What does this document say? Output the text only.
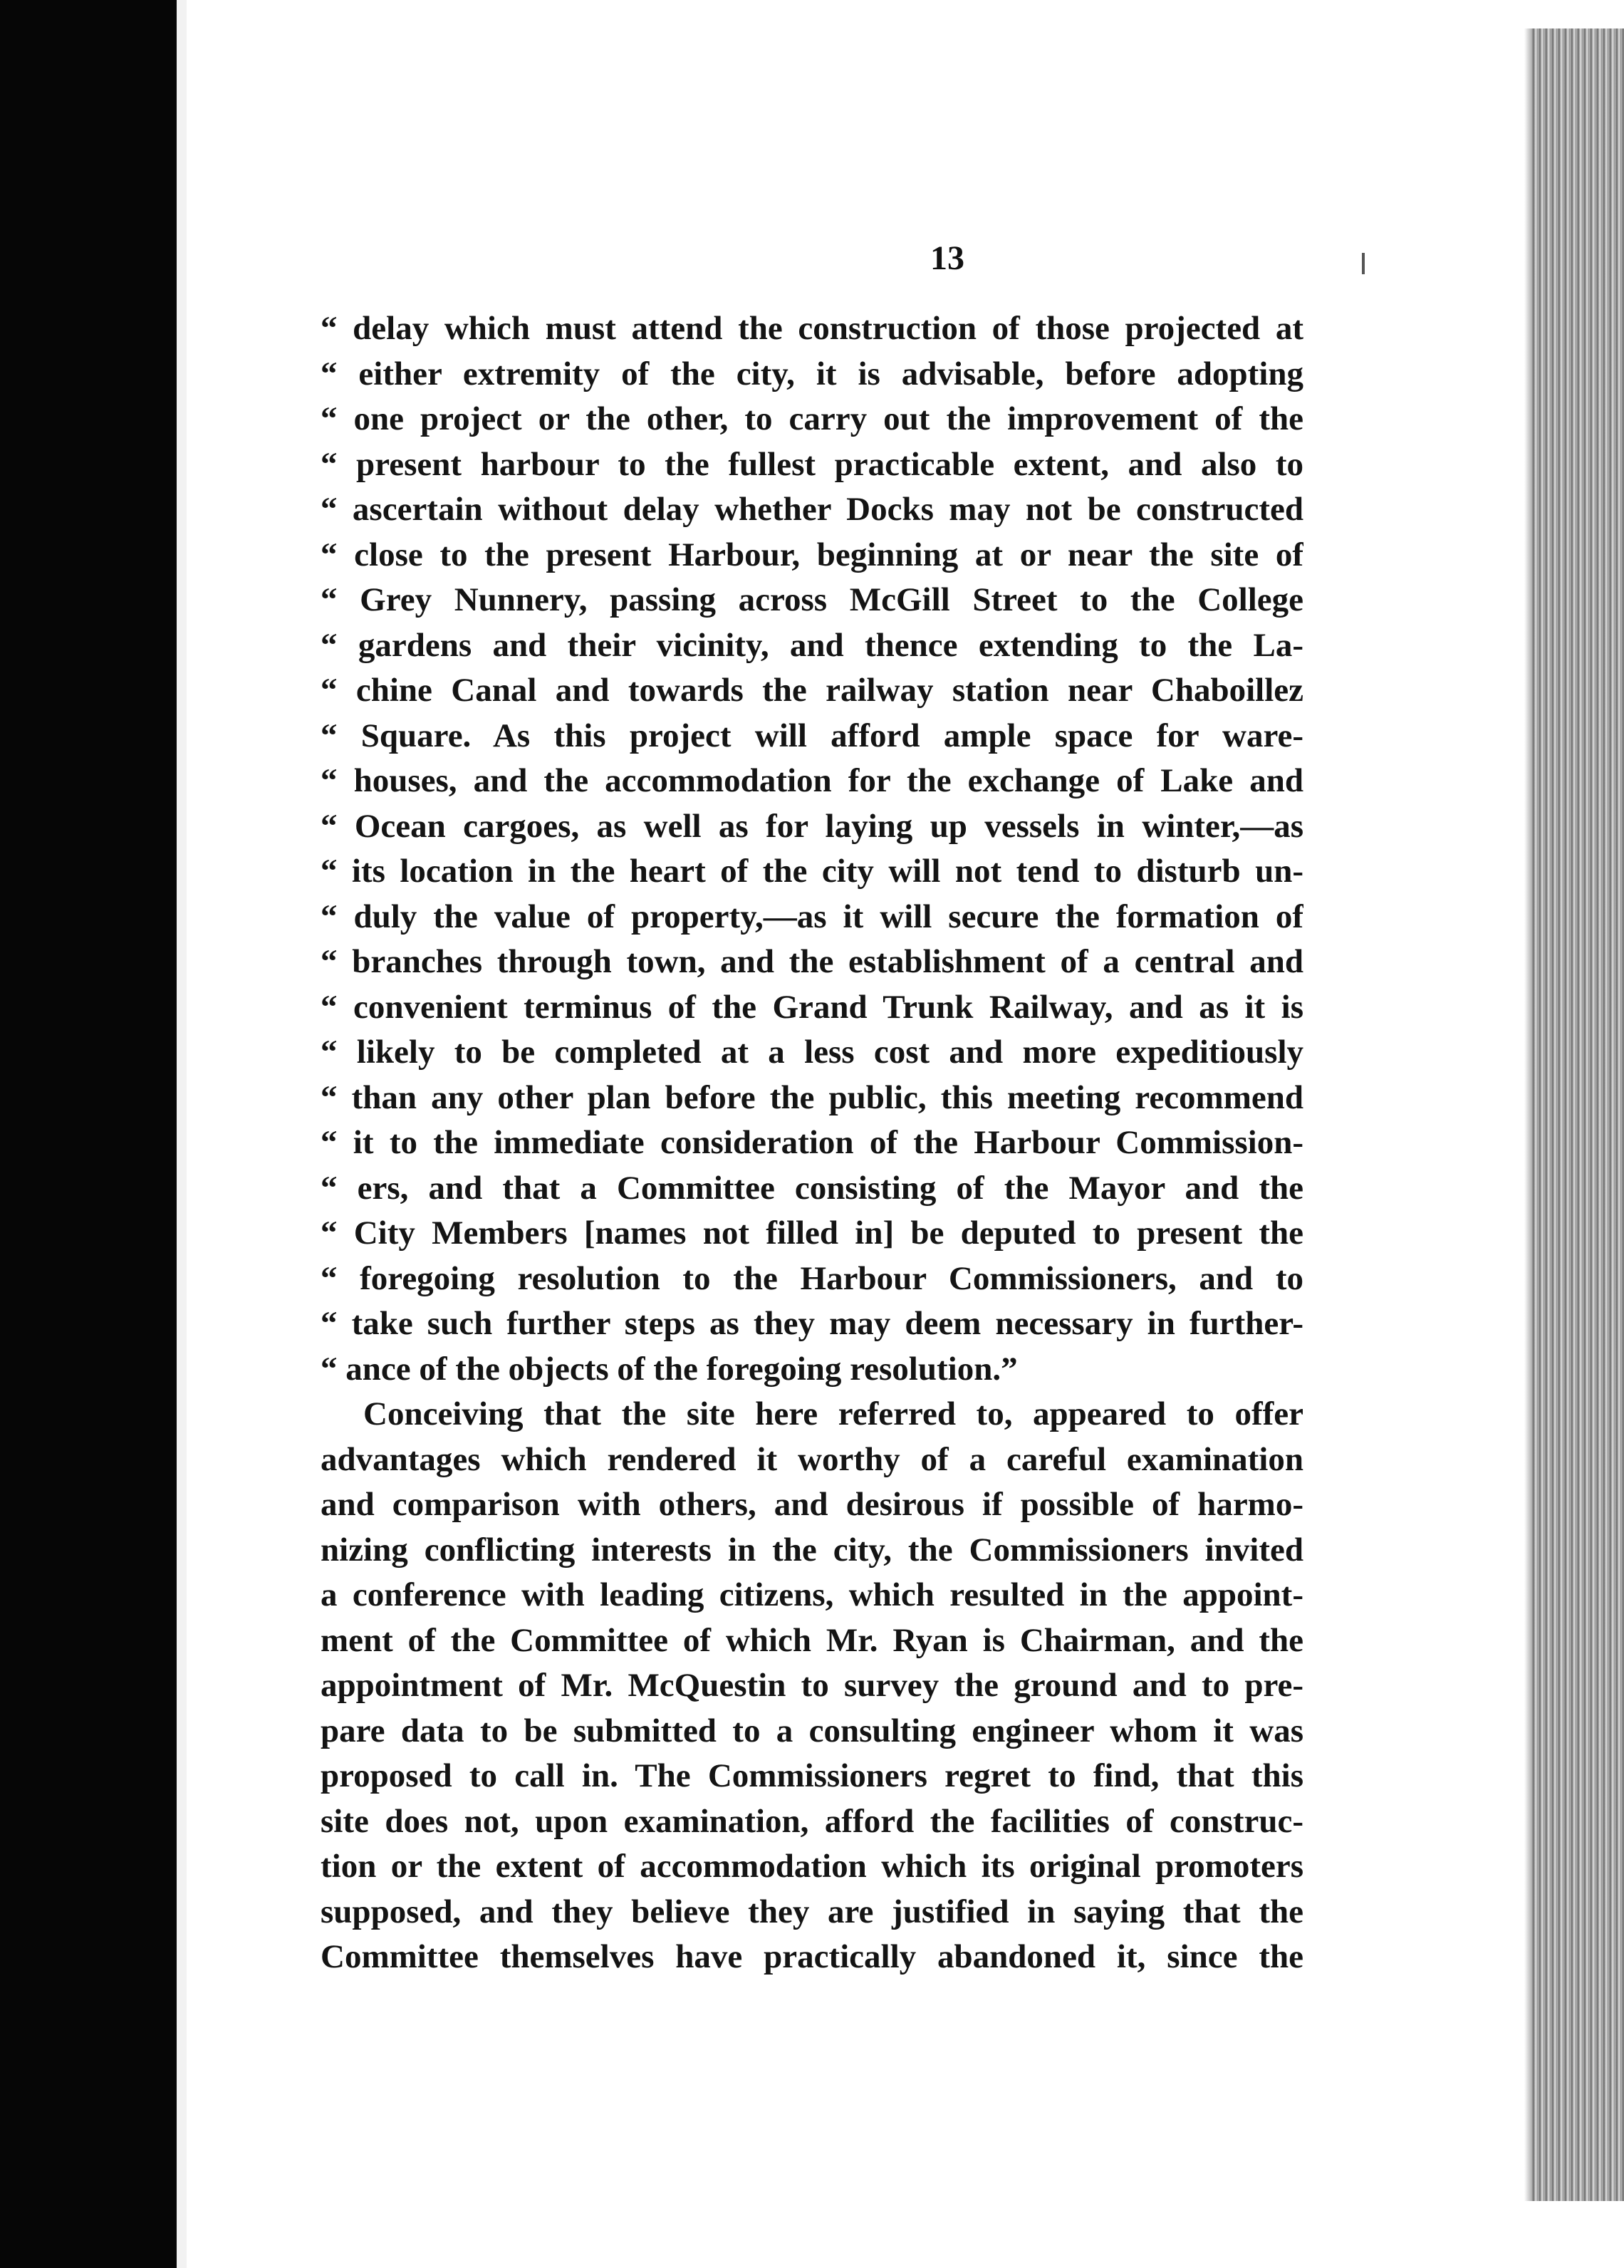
13
“ delay which must attend the construction of those projected at
“ either extremity of the city, it is advisable, before adopting
“ one project or the other, to carry out the improvement of the
“ present harbour to the fullest practicable extent, and also to
“ ascertain without delay whether Docks may not be constructed
“ close to the present Harbour, beginning at or near the site of
“ Grey Nunnery, passing across McGill Street to the College
“ gardens and their vicinity, and thence extending to the La-
“ chine Canal and towards the railway station near Chaboillez
“ Square. As this project will afford ample space for ware-
“ houses, and the accommodation for the exchange of Lake and
“ Ocean cargoes, as well as for laying up vessels in winter,—as
“ its location in the heart of the city will not tend to disturb un-
“ duly the value of property,—as it will secure the formation of
“ branches through town, and the establishment of a central and
“ convenient terminus of the Grand Trunk Railway, and as it is
“ likely to be completed at a less cost and more expeditiously
“ than any other plan before the public, this meeting recommend
“ it to the immediate consideration of the Harbour Commission-
“ ers, and that a Committee consisting of the Mayor and the
“ City Members [names not filled in] be deputed to present the
“ foregoing resolution to the Harbour Commissioners, and to
“ take such further steps as they may deem necessary in further-
“ ance of the objects of the foregoing resolution.”
Conceiving that the site here referred to, appeared to offer
advantages which rendered it worthy of a careful examination
and comparison with others, and desirous if possible of harmo-
nizing conflicting interests in the city, the Commissioners invited
a conference with leading citizens, which resulted in the appoint-
ment of the Committee of which Mr. Ryan is Chairman, and the
appointment of Mr. McQuestin to survey the ground and to pre-
pare data to be submitted to a consulting engineer whom it was
proposed to call in. The Commissioners regret to find, that this
site does not, upon examination, afford the facilities of construc-
tion or the extent of accommodation which its original promoters
supposed, and they believe they are justified in saying that the
Committee themselves have practically abandoned it, since the
